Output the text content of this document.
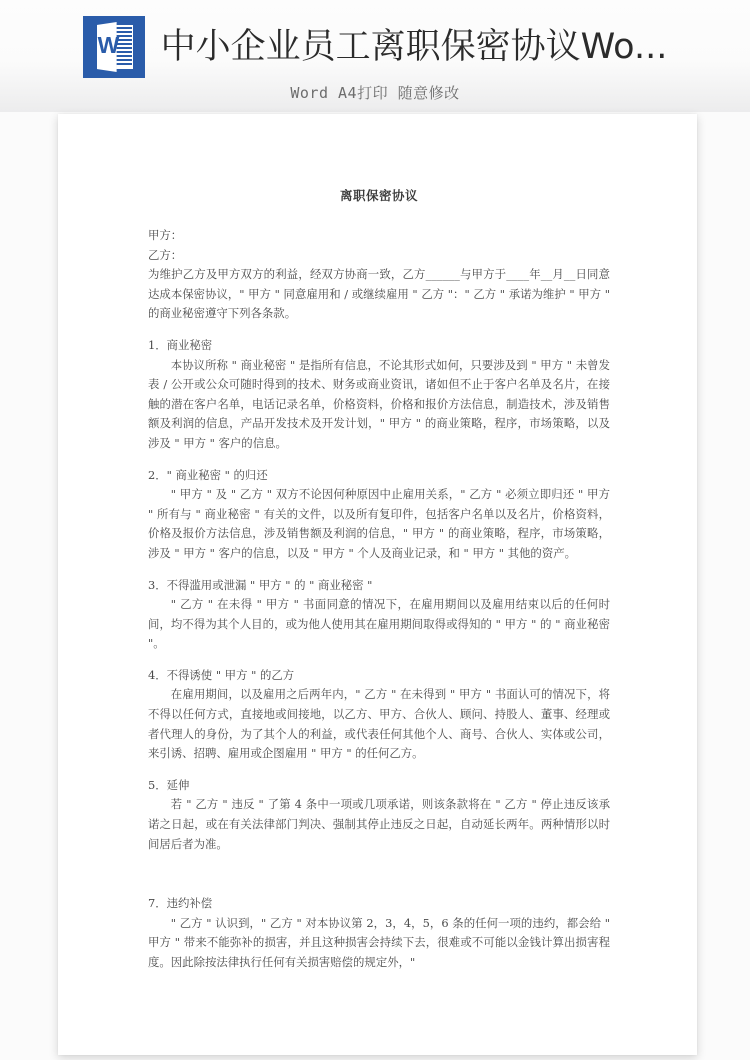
W 中小企业员工离职保密协议Wo...
Word A4打印 随意修改
离职保密协议

甲方：

乙方：

为维护乙方及甲方双方的利益，经双方协商一致，乙方______与甲方于____年__月__日同意达成本保密协议，" 甲方 " 同意雇用和 / 或继续雇用 " 乙方 "：" 乙方 " 承诺为维护 " 甲方 " 的商业秘密遵守下列各条款。

1．商业秘密

本协议所称 " 商业秘密 " 是指所有信息，不论其形式如何，只要涉及到 " 甲方 " 未曾发表 / 公开或公众可随时得到的技术、财务或商业资讯，诸如但不止于客户名单及名片，在接触的潜在客户名单，电话记录名单，价格资料，价格和报价方法信息，制造技术，涉及销售额及利润的信息，产品开发技术及开发计划，" 甲方 " 的商业策略，程序，市场策略，以及涉及 " 甲方 " 客户的信息。

2．" 商业秘密 " 的归还

" 甲方 " 及 " 乙方 " 双方不论因何种原因中止雇用关系，" 乙方 " 必须立即归还 " 甲方 " 所有与 " 商业秘密 " 有关的文件，以及所有复印件，包括客户名单以及名片，价格资料，价格及报价方法信息，涉及销售额及利润的信息，" 甲方 " 的商业策略，程序，市场策略，涉及 " 甲方 " 客户的信息，以及 " 甲方 " 个人及商业记录，和 " 甲方 " 其他的资产。

3．不得滥用或泄漏 " 甲方 " 的 " 商业秘密 "

" 乙方 " 在未得 " 甲方 " 书面同意的情况下，在雇用期间以及雇用结束以后的任何时间，均不得为其个人目的，或为他人使用其在雇用期间取得或得知的 " 甲方 " 的 " 商业秘密 "。

4．不得诱使 " 甲方 " 的乙方

在雇用期间，以及雇用之后两年内，" 乙方 " 在未得到 " 甲方 " 书面认可的情况下，将不得以任何方式，直接地或间接地，以乙方、甲方、合伙人、顾问、持股人、董事、经理或者代理人的身份，为了其个人的利益，或代表任何其他个人、商号、合伙人、实体或公司，来引诱、招聘、雇用或企图雇用 " 甲方 " 的任何乙方。

5．延伸

若 " 乙方 " 违反 " 了第 4 条中一项或几项承诺，则该条款将在 " 乙方 " 停止违反该承诺之日起，或在有关法律部门判决、强制其停止违反之日起，自动延长两年。两种情形以时间居后者为准。

7．违约补偿

" 乙方 " 认识到，" 乙方 " 对本协议第 2，3，4，5，6 条的任何一项的违约，都会给 " 甲方 " 带来不能弥补的损害，并且这种损害会持续下去，很难或不可能以金钱计算出损害程度。因此除按法律执行任何有关损害赔偿的规定外，"
